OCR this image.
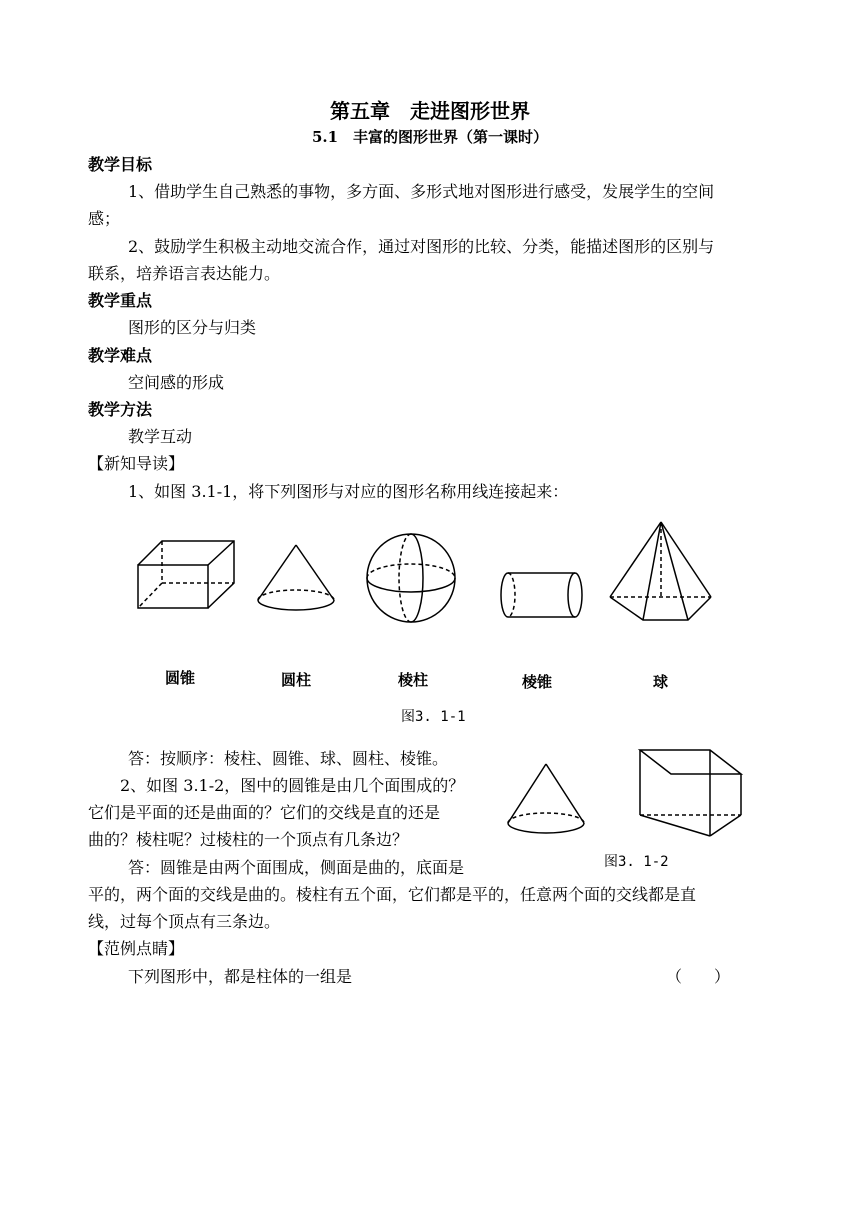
第五章　走进图形世界
5.1　丰富的图形世界（第一课时）
教学目标
1、借助学生自己熟悉的事物，多方面、多形式地对图形进行感受，发展学生的空间
感；
2、鼓励学生积极主动地交流合作，通过对图形的比较、分类，能描述图形的区别与
联系，培养语言表达能力。
教学重点
图形的区分与归类
教学难点
空间感的形成
教学方法
教学互动
【新知导读】
1、如图 3.1-1，将下列图形与对应的图形名称用线连接起来：
圆锥	圆柱	棱柱	棱锥	球
图3. 1-1
答：按顺序：棱柱、圆锥、球、圆柱、棱锥。
2、如图 3.1-2，图中的圆锥是由几个面围成的？
它们是平面的还是曲面的？它们的交线是直的还是
曲的？棱柱呢？过棱柱的一个顶点有几条边？
答：圆锥是由两个面围成，侧面是曲的，底面是	图3. 1-2
平的，两个面的交线是曲的。棱柱有五个面，它们都是平的，任意两个面的交线都是直
线，过每个顶点有三条边。
【范例点睛】
下列图形中，都是柱体的一组是	（　　）
